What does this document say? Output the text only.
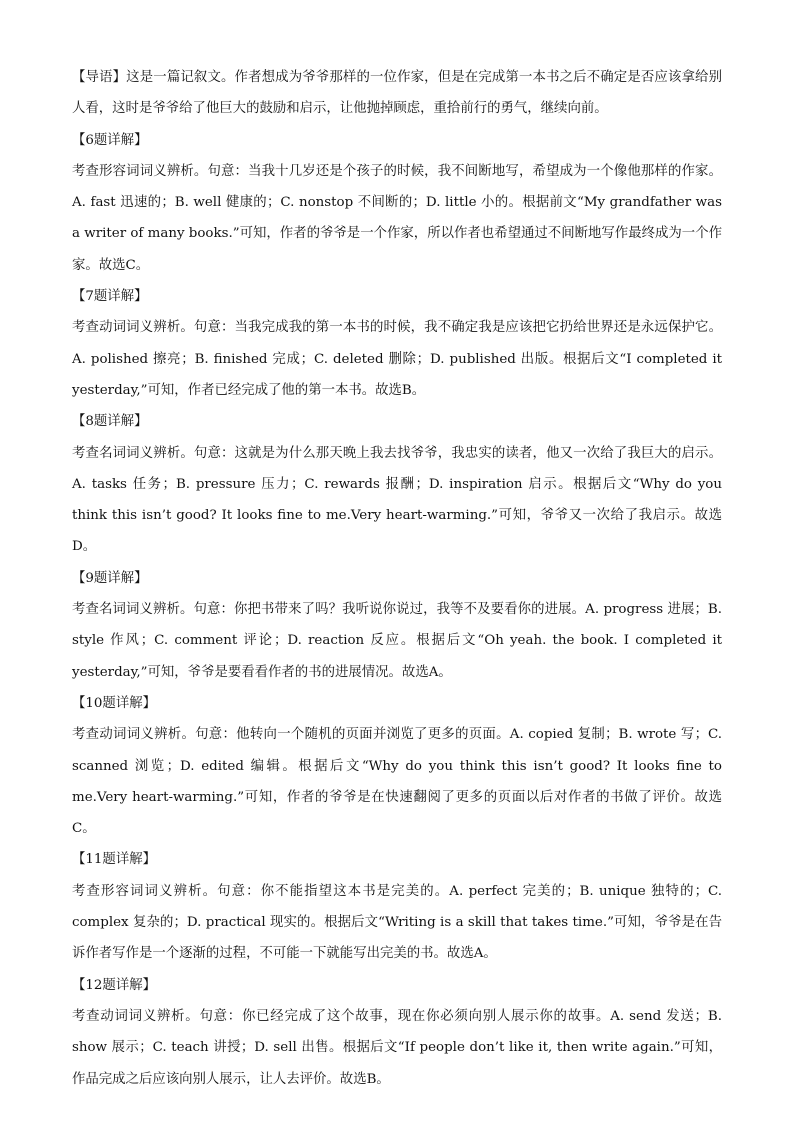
【导语】这是一篇记叙文。作者想成为爷爷那样的一位作家，但是在完成第一本书之后不确定是否应该拿给别人看，这时是爷爷给了他巨大的鼓励和启示，让他抛掉顾虑，重拾前行的勇气，继续向前。

【6题详解】

考查形容词词义辨析。句意：当我十几岁还是个孩子的时候，我不间断地写，希望成为一个像他那样的作家。A. fast 迅速的；B. well 健康的；C. nonstop 不间断的；D. little 小的。根据前文“My grandfather was a writer of many books.”可知，作者的爷爷是一个作家，所以作者也希望通过不间断地写作最终成为一个作家。故选C。

【7题详解】

考查动词词义辨析。句意：当我完成我的第一本书的时候，我不确定我是应该把它扔给世界还是永远保护它。A. polished 擦亮；B. finished 完成；C. deleted 删除；D. published 出版。根据后文“I completed it yesterday,”可知，作者已经完成了他的第一本书。故选B。

【8题详解】

考查名词词义辨析。句意：这就是为什么那天晚上我去找爷爷，我忠实的读者，他又一次给了我巨大的启示。A. tasks 任务；B. pressure 压力；C. rewards 报酬；D. inspiration 启示。根据后文“Why do you think this isn’t good? It looks fine to me.Very heart-warming.”可知，爷爷又一次给了我启示。故选D。

【9题详解】

考查名词词义辨析。句意：你把书带来了吗？我听说你说过，我等不及要看你的进展。A. progress 进展；B. style 作风；C. comment 评论；D. reaction 反应。根据后文“Oh yeah. the book. I completed it yesterday,”可知，爷爷是要看看作者的书的进展情况。故选A。

【10题详解】

考查动词词义辨析。句意：他转向一个随机的页面并浏览了更多的页面。A. copied 复制；B. wrote 写；C. scanned 浏览；D. edited 编辑。根据后文“Why do you think this isn’t good? It looks fine to me.Very heart-warming.”可知，作者的爷爷是在快速翻阅了更多的页面以后对作者的书做了评价。故选C。

【11题详解】

考查形容词词义辨析。句意：你不能指望这本书是完美的。A. perfect 完美的；B. unique 独特的；C. complex 复杂的；D. practical 现实的。根据后文“Writing is a skill that takes time.”可知，爷爷是在告诉作者写作是一个逐渐的过程，不可能一下就能写出完美的书。故选A。

【12题详解】

考查动词词义辨析。句意：你已经完成了这个故事，现在你必须向别人展示你的故事。A. send 发送；B. show 展示；C. teach 讲授；D. sell 出售。根据后文“If people don’t like it, then write again.”可知，作品完成之后应该向别人展示，让人去评价。故选B。
